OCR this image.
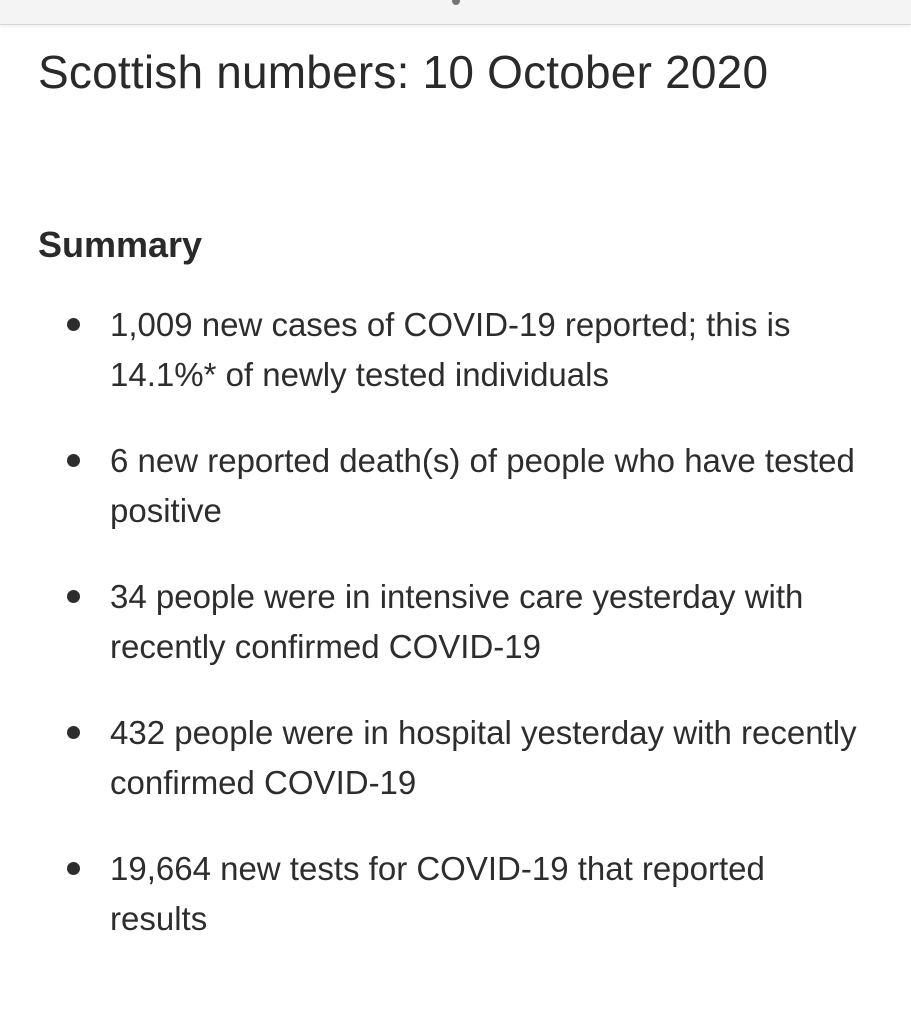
Scottish numbers: 10 October 2020
Summary
1,009 new cases of COVID-19 reported; this is 14.1%* of newly tested individuals
6 new reported death(s) of people who have tested positive
34 people were in intensive care yesterday with recently confirmed COVID-19
432 people were in hospital yesterday with recently confirmed COVID-19
19,664 new tests for COVID-19 that reported results
